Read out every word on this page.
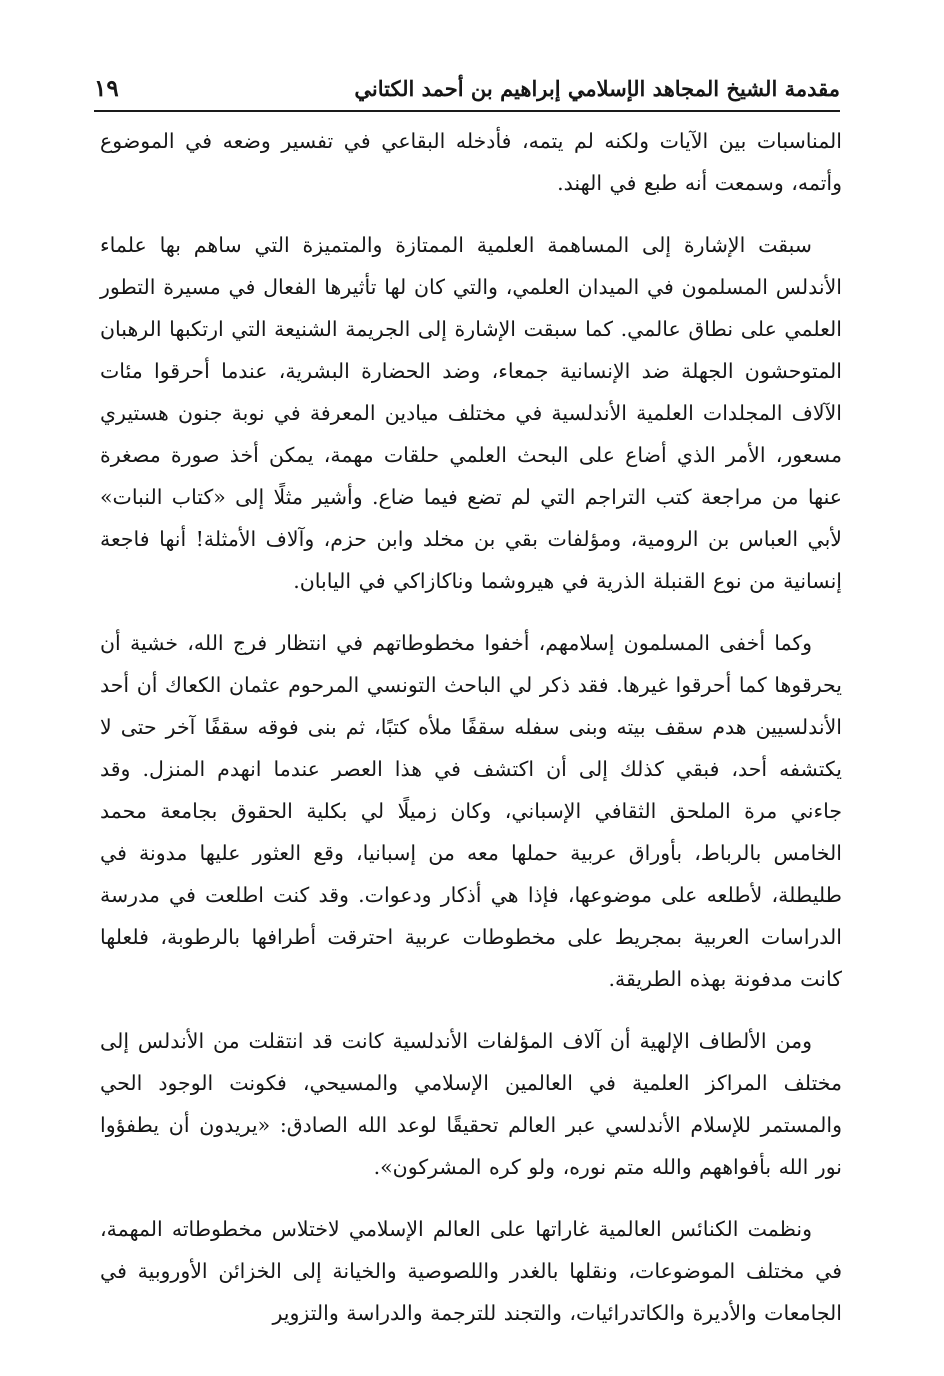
مقدمة الشيخ المجاهد الإسلامي إبراهيم بن أحمد الكتاني
١٩

المناسبات بين الآيات ولكنه لم يتمه، فأدخله البقاعي في تفسير وضعه في الموضوع وأتمه، وسمعت أنه طبع في الهند.

سبقت الإشارة إلى المساهمة العلمية الممتازة والمتميزة التي ساهم بها علماء الأندلس المسلمون في الميدان العلمي، والتي كان لها تأثيرها الفعال في مسيرة التطور العلمي على نطاق عالمي. كما سبقت الإشارة إلى الجريمة الشنيعة التي ارتكبها الرهبان المتوحشون الجهلة ضد الإنسانية جمعاء، وضد الحضارة البشرية، عندما أحرقوا مئات الآلاف المجلدات العلمية الأندلسية في مختلف ميادين المعرفة في نوبة جنون هستيري مسعور، الأمر الذي أضاع على البحث العلمي حلقات مهمة، يمكن أخذ صورة مصغرة عنها من مراجعة كتب التراجم التي لم تضع فيما ضاع. وأشير مثلًا إلى «كتاب النبات» لأبي العباس بن الرومية، ومؤلفات بقي بن مخلد وابن حزم، وآلاف الأمثلة! أنها فاجعة إنسانية من نوع القنبلة الذرية في هيروشما وناكازاكي في اليابان.

وكما أخفى المسلمون إسلامهم، أخفوا مخطوطاتهم في انتظار فرج الله، خشية أن يحرقوها كما أحرقوا غيرها. فقد ذكر لي الباحث التونسي المرحوم عثمان الكعاك أن أحد الأندلسيين هدم سقف بيته وبنى سفله سقفًا ملأه كتبًا، ثم بنى فوقه سقفًا آخر حتى لا يكتشفه أحد، فبقي كذلك إلى أن اكتشف في هذا العصر عندما انهدم المنزل. وقد جاءني مرة الملحق الثقافي الإسباني، وكان زميلًا لي بكلية الحقوق بجامعة محمد الخامس بالرباط، بأوراق عربية حملها معه من إسبانيا، وقع العثور عليها مدونة في طليطلة، لأطلعه على موضوعها، فإذا هي أذكار ودعوات. وقد كنت اطلعت في مدرسة الدراسات العربية بمجريط على مخطوطات عربية احترقت أطرافها بالرطوبة، فلعلها كانت مدفونة بهذه الطريقة.

ومن الألطاف الإلهية أن آلاف المؤلفات الأندلسية كانت قد انتقلت من الأندلس إلى مختلف المراكز العلمية في العالمين الإسلامي والمسيحي، فكونت الوجود الحي والمستمر للإسلام الأندلسي عبر العالم تحقيقًا لوعد الله الصادق: «يريدون أن يطفؤوا نور الله بأفواههم والله متم نوره، ولو كره المشركون».

ونظمت الكنائس العالمية غاراتها على العالم الإسلامي لاختلاس مخطوطاته المهمة، في مختلف الموضوعات، ونقلها بالغدر واللصوصية والخيانة إلى الخزائن الأوروبية في الجامعات والأديرة والكاتدرائيات، والتجند للترجمة والدراسة والتزوير
